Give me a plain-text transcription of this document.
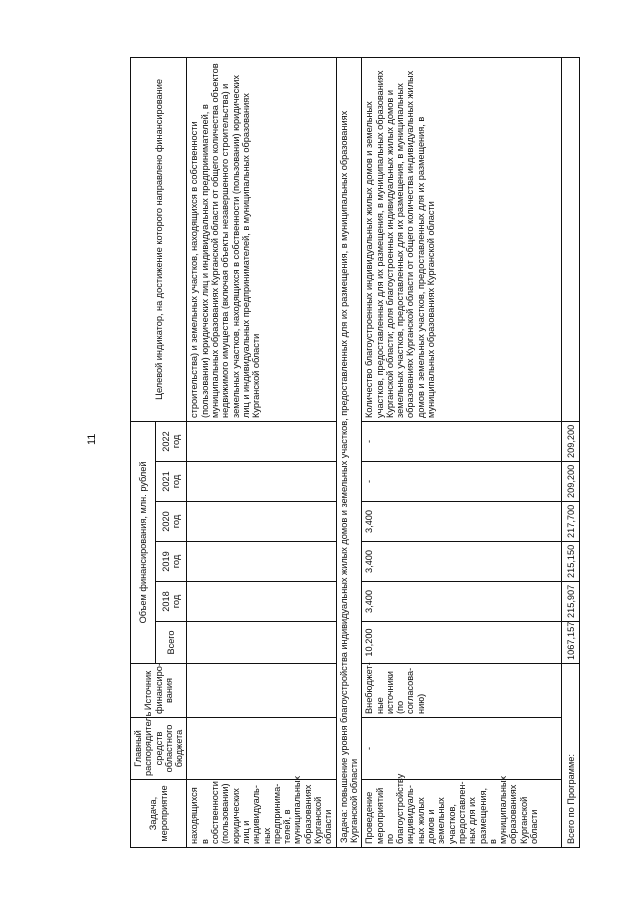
11
Задача, мероприятие	Главный распорядитель средств областного бюджета	Источник финансиро-вания	Объем финансирования, млн. рублей						Целевой индикатор, на достижение которого направлено финансирование
			Всего	2018 год	2019 год	2020 год	2021 год	2022 год	
находящихся в собственности (пользовании) юридических лиц и индивидуаль-ных предпринима-телей, в муниципальных образованиях Курганской области									строительства) и земельных участков, находящихся в собственности (пользовании) юридических лиц и индивидуальных предпринимателей, в муниципальных образованиях Курганской области от общего количества объектов недвижимого имущества (включая объекты незавершенного строительства) и земельных участков, находящихся в собственности (пользовании) юридических лиц и индивидуальных предпринимателей, в муниципальных образованиях Курганской области
Задача: повышение уровня благоустройства индивидуальных жилых домов и земельных участков, предоставленных для их размещения, в муниципальных образованиях Курганской области									
Проведение мероприятий по благоустройству индивидуаль-ных жилых домов и земельных участков, предоставлен-ных для их размещения, в муниципальных образованиях Курганской области	-	Внебюджет-ные источники (по согласова-нию)	10,200	3,400	3,400	3,400	-	-	Количество благоустроенных индивидуальных жилых домов и земельных участков, предоставленных для их размещения, в муниципальных образованиях Курганской области; доля благоустроенных индивидуальных жилых домов и земельных участков, предоставленных для их размещения, в муниципальных образованиях Курганской области от общего количества индивидуальных жилых домов и земельных участков, предоставленных для их размещения, в муниципальных образованиях Курганской области
Всего по Программе:			1067,157	215,907	215,150	217,700	209,200	209,200	
